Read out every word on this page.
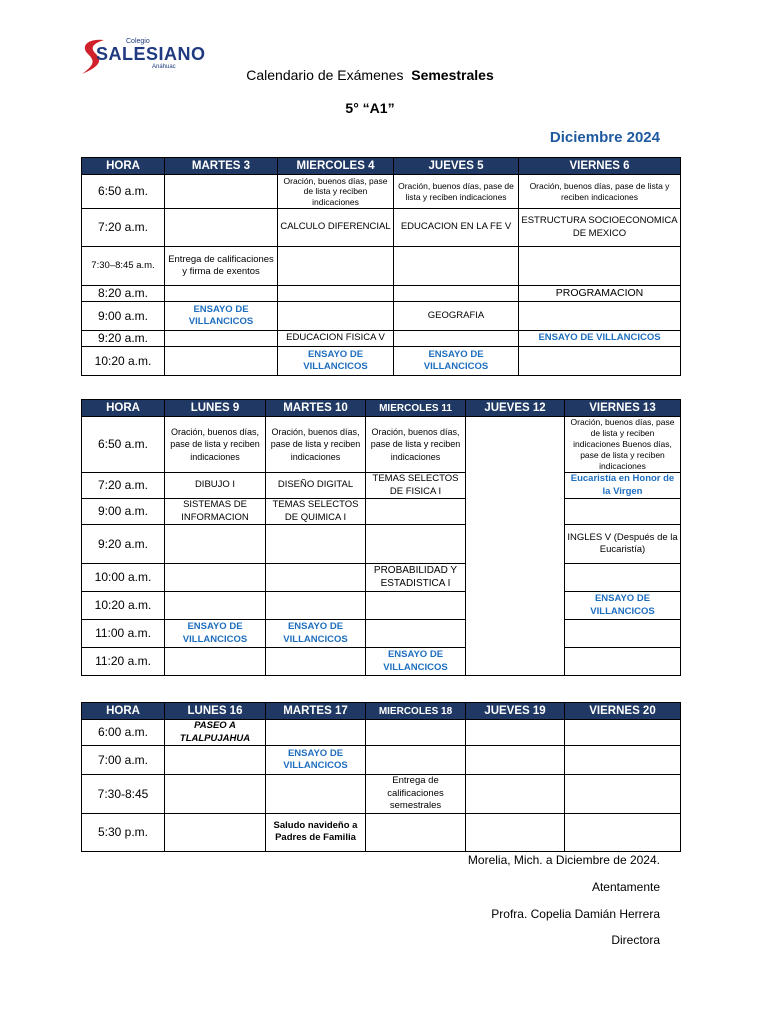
Colegio
SALESIANO
Anáhuac	Calendario de Exámenes Semestrales
5° “A1”
Diciembre 2024
HORA	MARTES 3	MIERCOLES 4	JUEVES 5	VIERNES 6
6:50 a.m.		Oración, buenos días, pase de lista y reciben indicaciones	Oración, buenos días, pase de lista y reciben indicaciones	Oración, buenos días, pase de lista y reciben indicaciones
7:20 a.m.		CALCULO DIFERENCIAL	EDUCACION EN LA FE V	ESTRUCTURA SOCIOECONOMICA DE MEXICO
7:30–8:45 a.m.	Entrega de calificaciones y firma de exentos			
8:20 a.m.				PROGRAMACION
9:00 a.m.	ENSAYO DE VILLANCICOS		GEOGRAFIA	
9:20 a.m.		EDUCACION FISICA V		ENSAYO DE VILLANCICOS
10:20 a.m.		ENSAYO DE VILLANCICOS	ENSAYO DE VILLANCICOS	
HORA	LUNES 9	MARTES 10	MIERCOLES 11	JUEVES 12	VIERNES 13
6:50 a.m.	Oración, buenos días, pase de lista y reciben indicaciones	Oración, buenos días, pase de lista y reciben indicaciones	Oración, buenos días, pase de lista y reciben indicaciones		Oración, buenos días, pase de lista y reciben indicaciones Buenos días, pase de lista y reciben indicaciones
7:20 a.m.	DIBUJO I	DISEÑO DIGITAL	TEMAS SELECTOS DE FISICA I		Eucaristía en Honor de la Virgen
9:00 a.m.	SISTEMAS DE INFORMACION	TEMAS SELECTOS DE QUIMICA I			
9:20 a.m.					INGLES V (Después de la Eucaristía)
10:00 a.m.			PROBABILIDAD Y ESTADISTICA I		
10:20 a.m.					ENSAYO DE VILLANCICOS
11:00 a.m.	ENSAYO DE VILLANCICOS	ENSAYO DE VILLANCICOS			
11:20 a.m.			ENSAYO DE VILLANCICOS		
HORA	LUNES 16	MARTES 17	MIERCOLES 18	JUEVES 19	VIERNES 20
6:00 a.m.	PASEO A TLALPUJAHUA				
7:00 a.m.		ENSAYO DE VILLANCICOS			
7:30-8:45			Entrega de calificaciones semestrales		
5:30 p.m.		Saludo navideño a Padres de Familia			
Morelia, Mich. a Diciembre de 2024.
Atentamente
Profra. Copelia Damián Herrera
Directora
